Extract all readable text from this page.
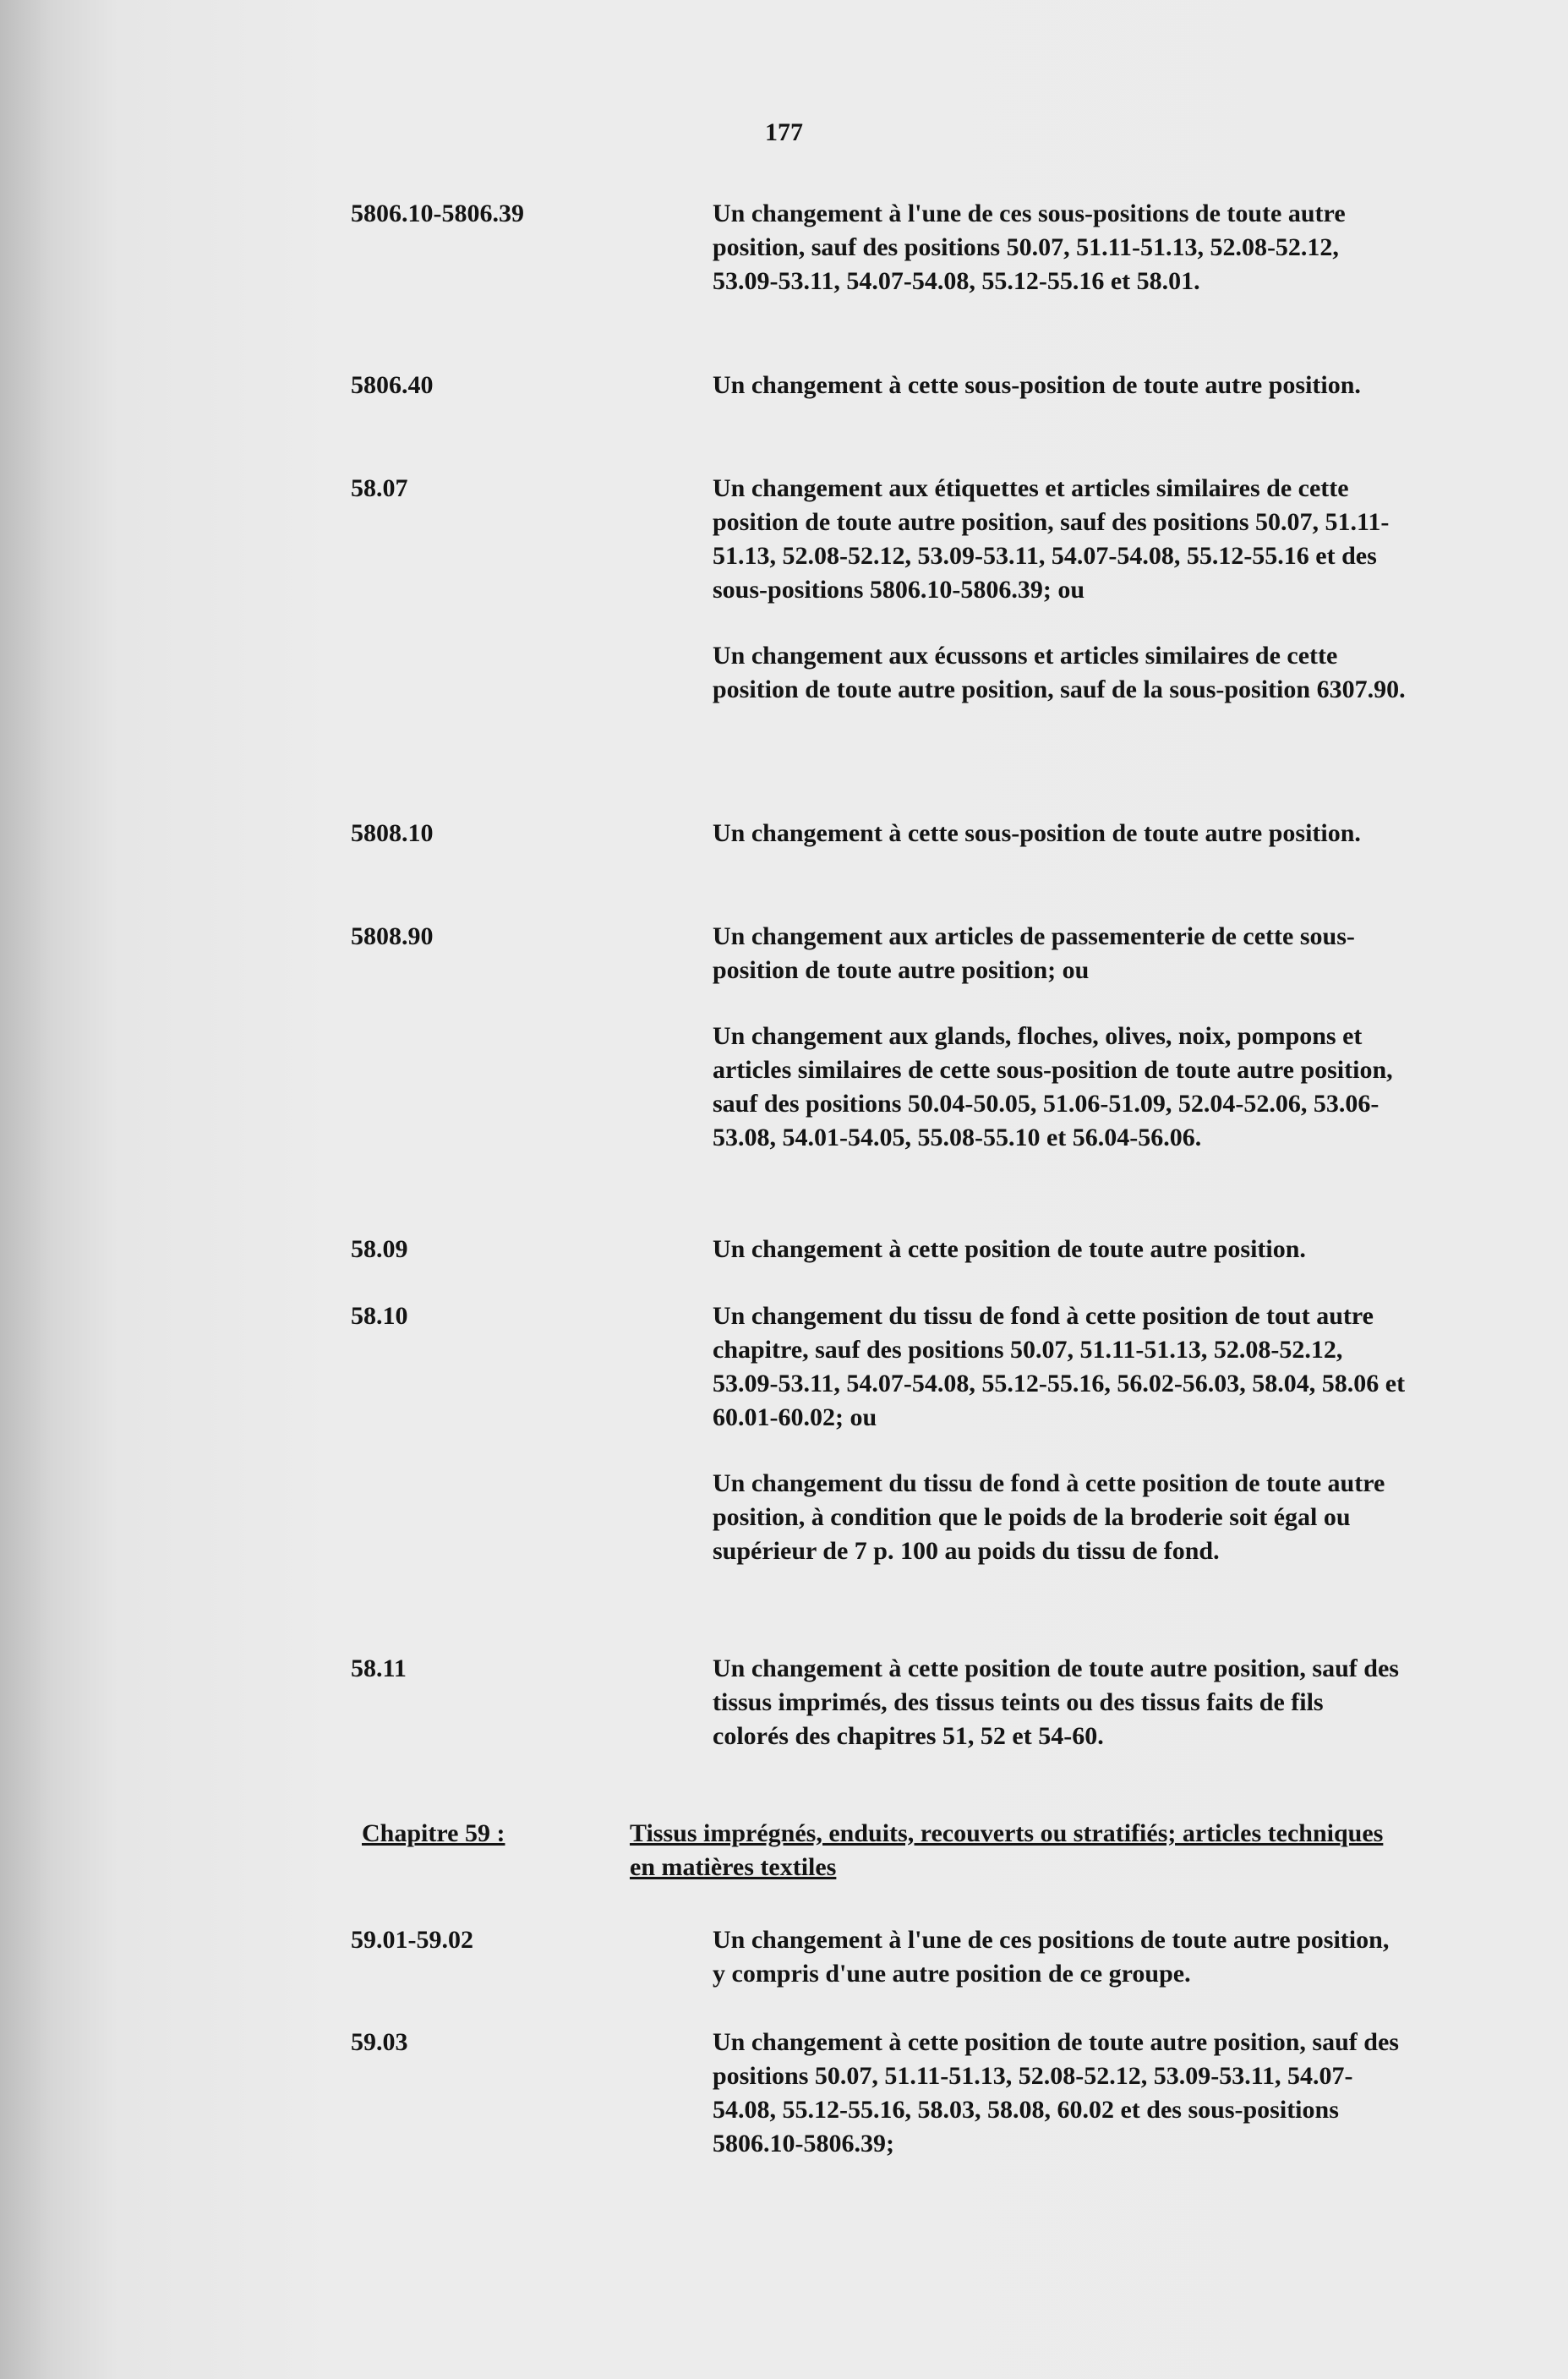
177
5806.10-5806.39	Un changement à l'une de ces sous-positions de toute autre position, sauf des positions 50.07, 51.11-51.13, 52.08-52.12, 53.09-53.11, 54.07-54.08, 55.12-55.16 et 58.01.

5806.40	Un changement à cette sous-position de toute autre position.

58.07	Un changement aux étiquettes et articles similaires de cette position de toute autre position, sauf des positions 50.07, 51.11-51.13, 52.08-52.12, 53.09-53.11, 54.07-54.08, 55.12-55.16 et des sous-positions 5806.10-5806.39; ou

Un changement aux écussons et articles similaires de cette position de toute autre position, sauf de la sous-position 6307.90.

5808.10	Un changement à cette sous-position de toute autre position.

5808.90	Un changement aux articles de passementerie de cette sous-position de toute autre position; ou

Un changement aux glands, floches, olives, noix, pompons et articles similaires de cette sous-position de toute autre position, sauf des positions 50.04-50.05, 51.06-51.09, 52.04-52.06, 53.06-53.08, 54.01-54.05, 55.08-55.10 et 56.04-56.06.

58.09	Un changement à cette position de toute autre position.

58.10	Un changement du tissu de fond à cette position de tout autre chapitre, sauf des positions 50.07, 51.11-51.13, 52.08-52.12, 53.09-53.11, 54.07-54.08, 55.12-55.16, 56.02-56.03, 58.04, 58.06 et 60.01-60.02; ou

Un changement du tissu de fond à cette position de toute autre position, à condition que le poids de la broderie soit égal ou supérieur de 7 p. 100 au poids du tissu de fond.

58.11	Un changement à cette position de toute autre position, sauf des tissus imprimés, des tissus teints ou des tissus faits de fils colorés des chapitres 51, 52 et 54-60.

Chapitre 59 :	Tissus imprégnés, enduits, recouverts ou stratifiés; articles techniques en matières textiles
59.01-59.02	Un changement à l'une de ces positions de toute autre position, y compris d'une autre position de ce groupe.

59.03	Un changement à cette position de toute autre position, sauf des positions 50.07, 51.11-51.13, 52.08-52.12, 53.09-53.11, 54.07-54.08, 55.12-55.16, 58.03, 58.08, 60.02 et des sous-positions 5806.10-5806.39;
